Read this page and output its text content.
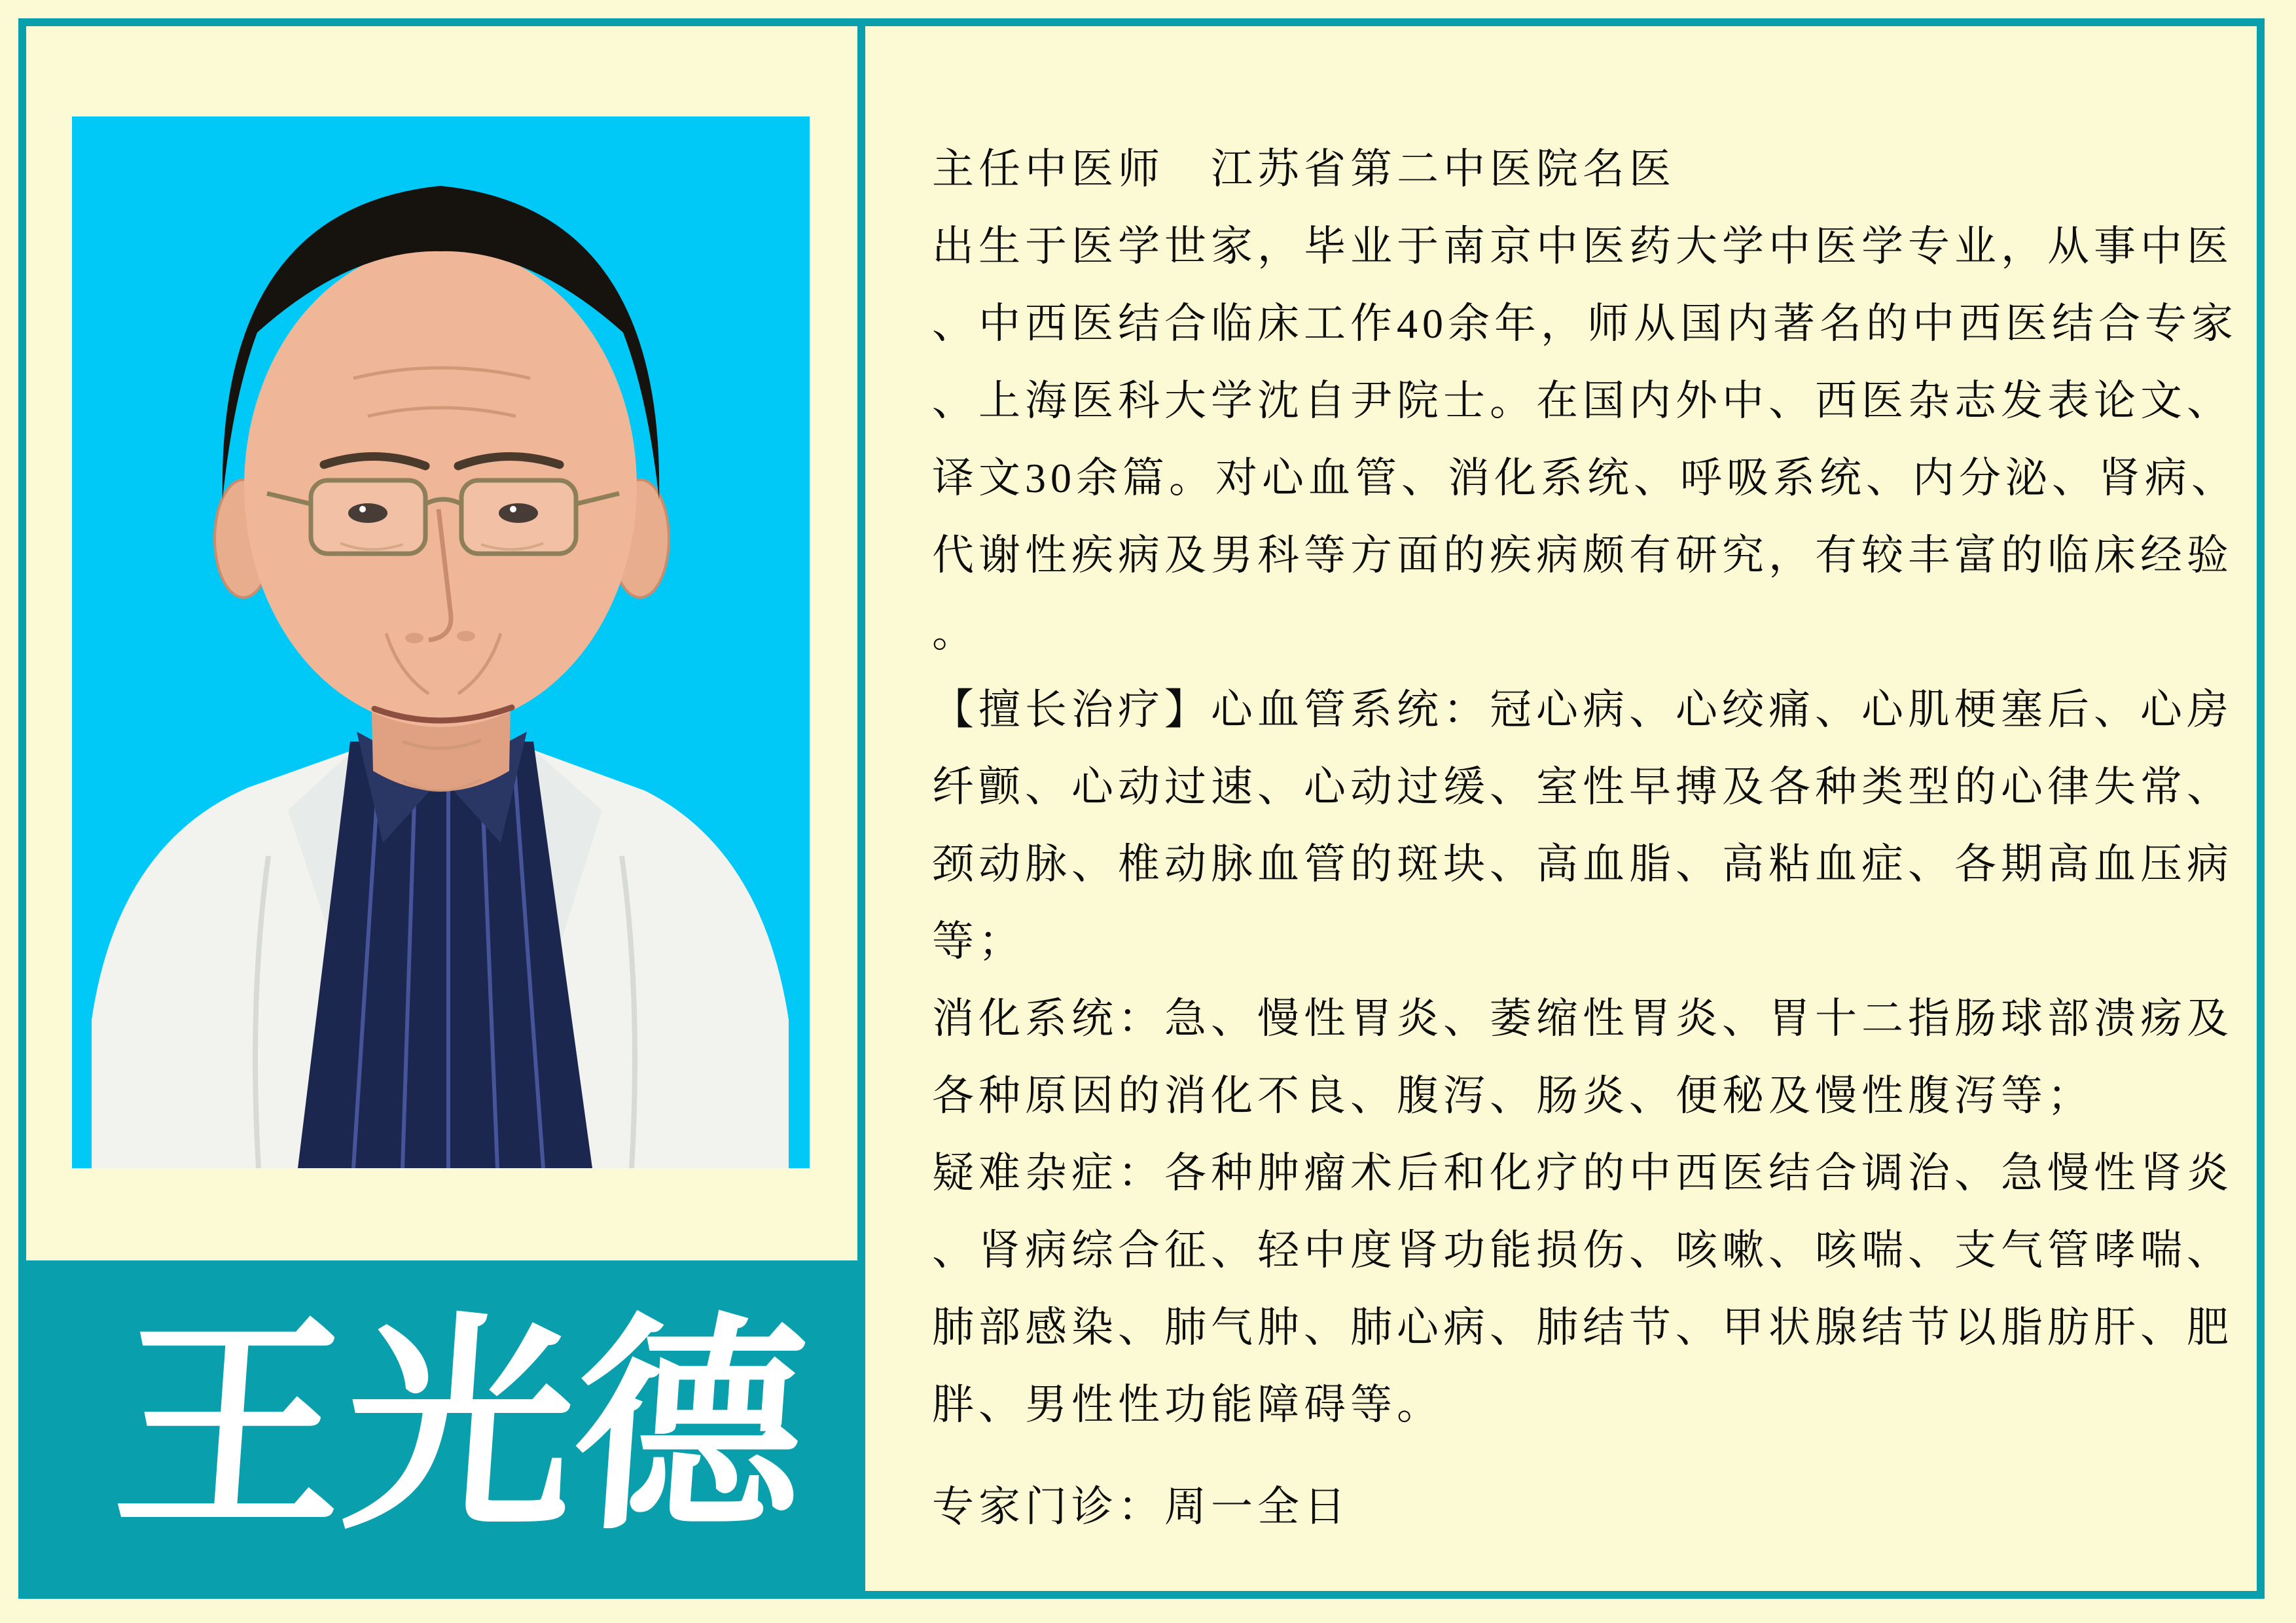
王
光
德
主任中医师　江苏省第二中医院名医
出生于医学世家，毕业于南京中医药大学中医学专业，从事中医
、中西医结合临床工作40余年，师从国内著名的中西医结合专家
、上海医科大学沈自尹院士。在国内外中、西医杂志发表论文、
译文30余篇。对心血管、消化系统、呼吸系统、内分泌、肾病、
代谢性疾病及男科等方面的疾病颇有研究，有较丰富的临床经验
。
【擅长治疗】心血管系统：冠心病、心绞痛、心肌梗塞后、心房
纤颤、心动过速、心动过缓、室性早搏及各种类型的心律失常、
颈动脉、椎动脉血管的斑块、高血脂、高粘血症、各期高血压病
等；
消化系统：急、慢性胃炎、萎缩性胃炎、胃十二指肠球部溃疡及
各种原因的消化不良、腹泻、肠炎、便秘及慢性腹泻等；
疑难杂症：各种肿瘤术后和化疗的中西医结合调治、急慢性肾炎
、肾病综合征、轻中度肾功能损伤、咳嗽、咳喘、支气管哮喘、
肺部感染、肺气肿、肺心病、肺结节、甲状腺结节以脂肪肝、肥
胖、男性性功能障碍等。
专家门诊：周一全日
